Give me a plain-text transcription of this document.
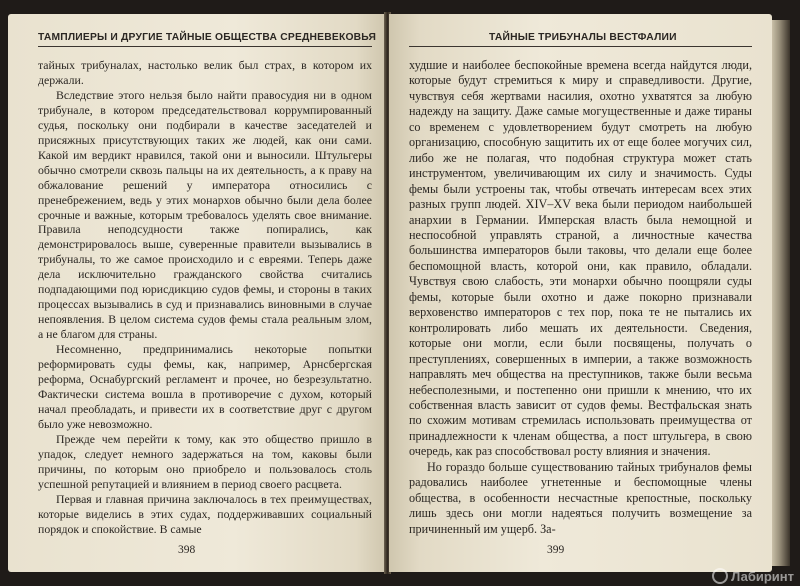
ТАМПЛИЕРЫ И ДРУГИЕ ТАЙНЫЕ ОБЩЕСТВА СРЕДНЕВЕКОВЬЯ

тайных трибуналах, настолько велик был страх, в котором их держали.

Вследствие этого нельзя было найти правосудия ни в одном трибунале, в котором председательствовал коррумпированный судья, поскольку они подбирали в качестве заседателей и присяжных присутствующих таких же людей, как они сами. Какой им вердикт нравился, такой они и выносили. Штульгеры обычно смотрели сквозь пальцы на их деятельность, а к праву на обжалование решений у императора относились с пренебрежением, ведь у этих монархов обычно были дела более срочные и важные, которым требовалось уделять свое внимание. Правила неподсудности также попирались, как демонстрировалось выше, суверенные правители вызывались в трибуналы, то же самое происходило и с евреями. Теперь даже дела исключительно гражданского свойства считались подпадающими под юрисдикцию судов фемы, и стороны в таких процессах вызывались в суд и признавались виновными в случае непоявления. В целом система судов фемы стала реальным злом, а не благом для страны.

Несомненно, предпринимались некоторые попытки реформировать суды фемы, как, например, Арнсбергская реформа, Оснабургский регламент и прочее, но безрезультатно. Фактически система вошла в противоречие с духом, который начал преобладать, и привести их в соответствие друг с другом было уже невозможно.

Прежде чем перейти к тому, как это общество пришло в упадок, следует немного задержаться на том, каковы были причины, по которым оно приобрело и пользовалось столь успешной репутацией и влиянием в период своего расцвета.

Первая и главная причина заключалось в тех преимуществах, которые виделись в этих судах, поддерживавших социальный порядок и спокойствие. В самые

398
ТАЙНЫЕ ТРИБУНАЛЫ ВЕСТФАЛИИ

худшие и наиболее беспокойные времена всегда найдутся люди, которые будут стремиться к миру и справедливости. Другие, чувствуя себя жертвами насилия, охотно ухватятся за любую надежду на защиту. Даже самые могущественные и даже тираны со временем с удовлетворением будут смотреть на любую организацию, способную защитить их от еще более могучих сил, либо же не полагая, что подобная структура может стать инструментом, увеличивающим их силу и значимость. Суды фемы были устроены так, чтобы отвечать интересам всех этих разных групп людей. XIV–XV века были периодом наибольшей анархии в Германии. Имперская власть была немощной и неспособной управлять страной, а личностные качества большинства императоров были таковы, что делали еще более беспомощной власть, которой они, как правило, обладали. Чувствуя свою слабость, эти монархи обычно поощряли суды фемы, которые были охотно и даже покорно признавали верховенство императоров с тех пор, пока те не пытались их контролировать либо мешать их деятельности. Сведения, которые они могли, если были посвящены, получать о преступлениях, совершенных в империи, а также возможность направлять меч общества на преступников, также были весьма небесполезными, и постепенно они пришли к мнению, что их собственная власть зависит от судов фемы. Вестфальская знать по схожим мотивам стремилась использовать преимущества от принадлежности к членам общества, а пост штульгера, в свою очередь, как раз способствовал росту влияния и значения.

Но гораздо больше существованию тайных трибуналов фемы радовались наиболее угнетенные и беспомощные члены общества, в особенности несчастные крепостные, поскольку лишь здесь они могли надеяться получить возмещение за причиненный им ущерб. За-

399
Лабиринт
